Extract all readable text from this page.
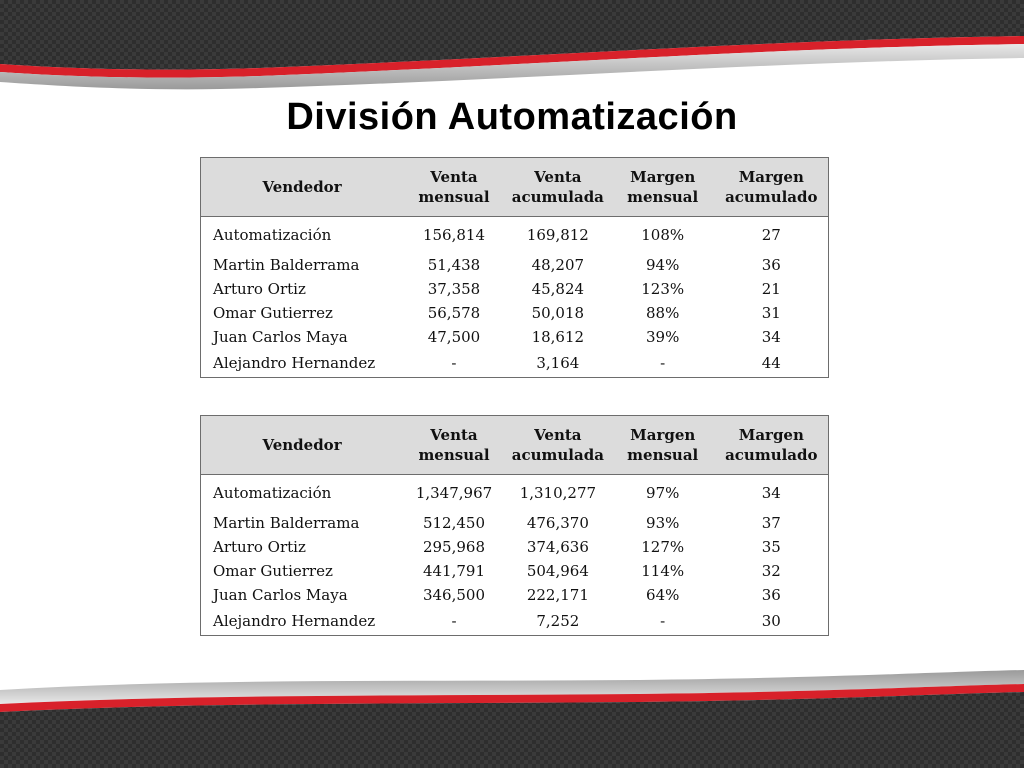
División Automatización
Vendedor	Venta mensual	Venta acumulada	Margen mensual	Margen acumulado
Automatización	156,814	169,812	108%	27
Martin Balderrama	51,438	48,207	94%	36
Arturo Ortiz	37,358	45,824	123%	21
Omar Gutierrez	56,578	50,018	88%	31
Juan Carlos Maya	47,500	18,612	39%	34
Alejandro Hernandez	-	3,164	-	44
Vendedor	Venta mensual	Venta acumulada	Margen mensual	Margen acumulado
Automatización	1,347,967	1,310,277	97%	34
Martin Balderrama	512,450	476,370	93%	37
Arturo Ortiz	295,968	374,636	127%	35
Omar Gutierrez	441,791	504,964	114%	32
Juan Carlos Maya	346,500	222,171	64%	36
Alejandro Hernandez	-	7,252	-	30
